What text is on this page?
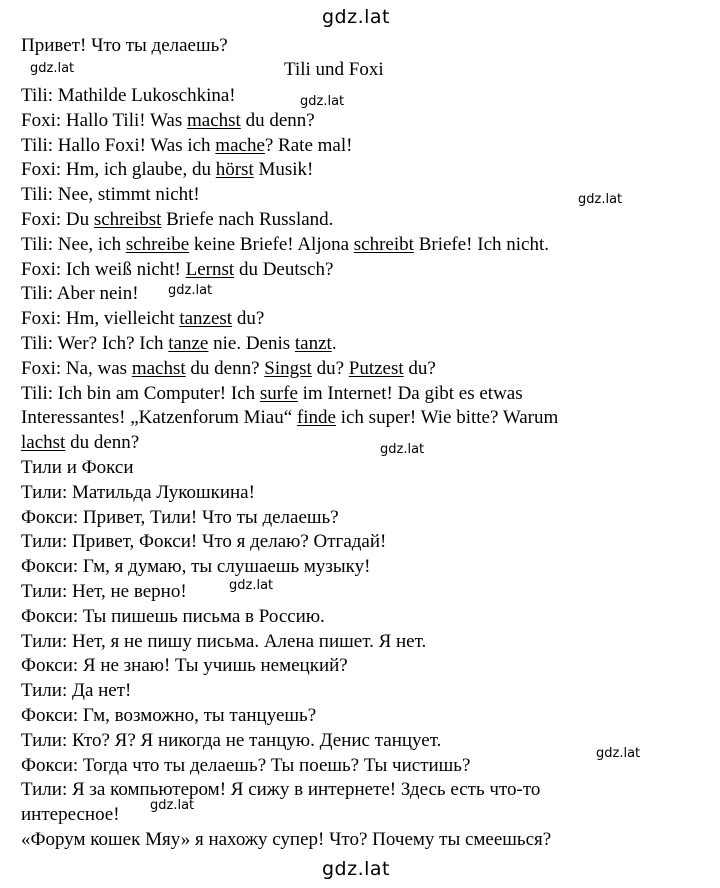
gdz.lat
Привет! Что ты делаешь?
gdz.lat	Tili und Foxi
Tili: Mathilde Lukoschkina!
Foxi: Hallo Tili! Was machst du denn?
Tili: Hallo Foxi! Was ich mache? Rate mal!
Foxi: Hm, ich glaube, du hörst Musik!
Tili: Nee, stimmt nicht!
Foxi: Du schreibst Briefe nach Russland.
Tili: Nee, ich schreibe keine Briefe! Aljona schreibt Briefe! Ich nicht.
Foxi: Ich weiß nicht! Lernst du Deutsch?
Tili: Aber nein!
Foxi: Hm, vielleicht tanzest du?
Tili: Wer? Ich? Ich tanze nie. Denis tanzt.
Foxi: Na, was machst du denn? Singst du? Putzest du?
Tili: Ich bin am Computer! Ich surfe im Internet! Da gibt es etwas
Interessantes! „Katzenforum Miau“ finde ich super! Wie bitte? Warum
lachst du denn?
Тили и Фокси
Тили: Матильда Лукошкина!
Фокси: Привет, Тили! Что ты делаешь?
Тили: Привет, Фокси! Что я делаю? Отгадай!
Фокси: Гм, я думаю, ты слушаешь музыку!
Тили: Нет, не верно!
Фокси: Ты пишешь письма в Россию.
Тили: Нет, я не пишу письма. Алена пишет. Я нет.
Фокси: Я не знаю! Ты учишь немецкий?
Тили: Да нет!
Фокси: Гм, возможно, ты танцуешь?
Тили: Кто? Я? Я никогда не танцую. Денис танцует.
Фокси: Тогда что ты делаешь? Ты поешь? Ты чистишь?
Тили: Я за компьютером! Я сижу в интернете! Здесь есть что-то
интересное!
«Форум кошек Мяу» я нахожу супер! Что? Почему ты смеешься?
gdz.lat
gdz.lat
gdz.lat
gdz.lat
gdz.lat
gdz.lat
gdz.lat
gdz.lat
